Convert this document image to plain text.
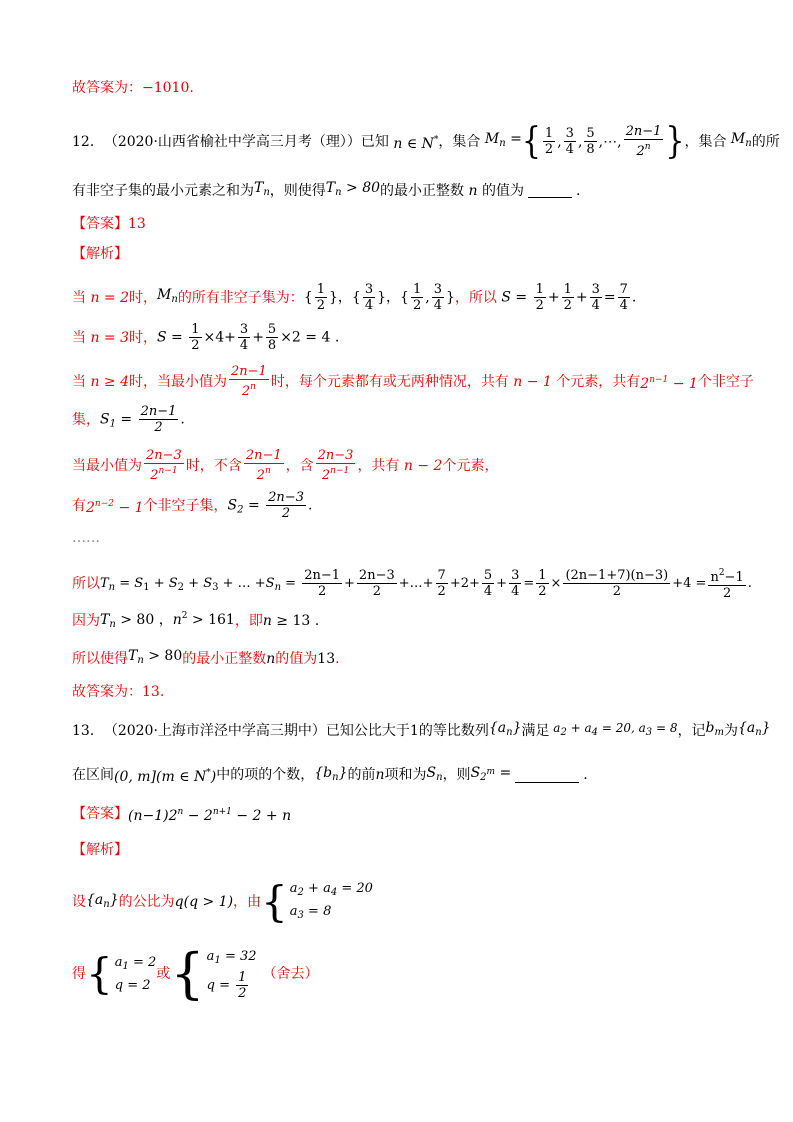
故答案为： −1010 .
12． （2020·山西省榆社中学高三月考（理）） 已知 n ∈ N* ，集合 $M_n$ = { $\frac{1}{2}$ , $\frac{3}{4}$ , $\frac{5}{8}$ ,⋯, $\frac{2n-1}{2^n}$ } ，集合 $M_n$ 的所
有非空子集的最小元素之和为 $T_n$ ，则使得 $T_n > 80$ 的最小正整数 n 的值为	.
【答案】 13
【解析】
当 n = 2 时， $M_n$ 的所有非空子集为： { $\frac{1}{2}$ }，{ $\frac{3}{4}$ }，{ $\frac{1}{2}$ , $\frac{3}{4}$ } ，所以 $S = \frac{1}{2} + \frac{1}{2} + \frac{3}{4} = \frac{7}{4}$ .
当 n = 3 时， $S = \frac{1}{2} \times 4+ \frac{3}{4} + \frac{5}{8} \times 2 = 4$ .
当 n ≥ 4 时，当最小值为 $\frac{2n-1}{2^n}$ 时，每个元素都有或无两种情况，共有 n − 1 个元素，共有 $2^{n-1} - 1$ 个非空子
集， $S_1 = \frac{2n-1}{2}$ .
当最小值为 $\frac{2n-3}{2^{n-1}}$ 时，不含 $\frac{2n-1}{2^n}$ ，含 $\frac{2n-3}{2^{n-1}}$ ，共有 n − 2 个元素，
有 $2^{n-2} - 1$ 个非空子集， $S_2 = \frac{2n-3}{2}$ .
……
所以 $T_n = S_1 + S_2 + S_3$ + … $+S_n = \frac{2n-1}{2} + \frac{2n-3}{2}$ +…+ $\frac{7}{2} +2+ \frac{5}{4} + \frac{3}{4} = \frac{1}{2} \times \frac{(2n-1+7)(n-3)}{2} +4 = \frac{n^2-1}{2}$ .
因为 $T_n > 80$ ，$n^2 > 161$ ，即 n ≥ 13 .
所以使得 $T_n > 80$ 的最小正整数 n 的值为 13 .
故答案为： 13 .
13． （2020·上海市洋泾中学高三期中） 已知公比大于 1 的等比数列 $\{a_n\}$ 满足 $a_2 + a_4 = 20$, $a_3 = 8$ ，记 $b_m$ 为 $\{a_n\}$
在区间 (0, m](m ∈ N*) 中的项的个数， $\{b_n\}$ 的前 n 项和为 $S_n$ ，则 $S_{2m}$ =	.
【答案】 $(n-1)2^n - 2^{n+1} - 2 + n$
【解析】
设 $\{a_n\}$ 的公比为 q(q > 1) ，由 { $a_2 + a_4 = 20$
$a_3 = 8$
得 { $a_1 = 2$
q = 2
或 { $a_1 = 32$
$q = \frac{1}{2}$ （舍去）
